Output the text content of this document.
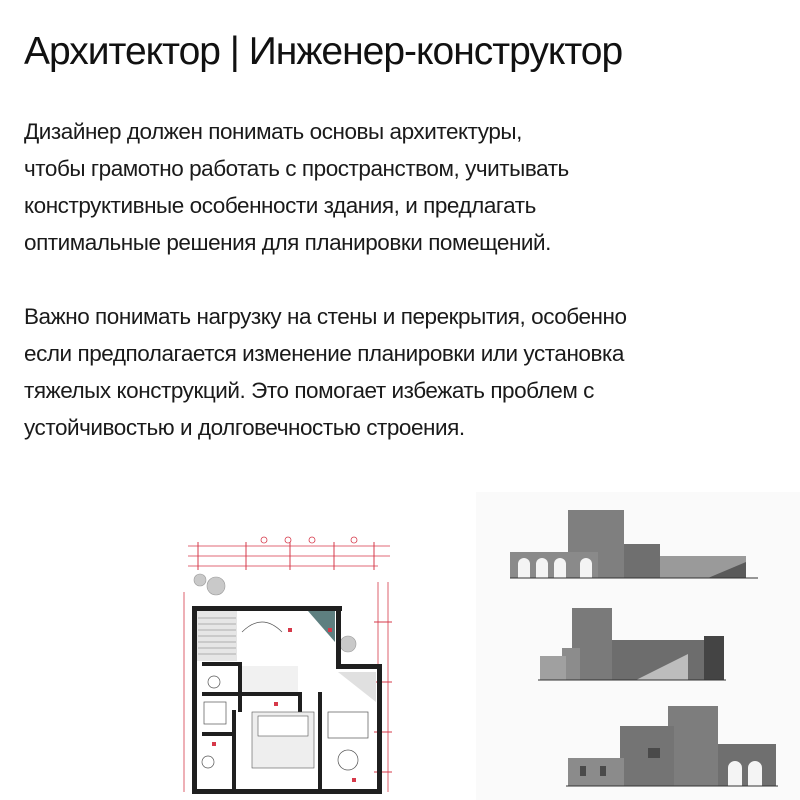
Архитектор | Инженер-конструктор

Дизайнер должен понимать основы архитектуры,
чтобы грамотно работать с пространством, учитывать
конструктивные особенности здания, и предлагать
оптимальные решения для планировки помещений.

Важно понимать нагрузку на стены и перекрытия, особенно
если предполагается изменение планировки или установка
тяжелых конструкций. Это помогает избежать проблем с
устойчивостью и долговечностью строения.
